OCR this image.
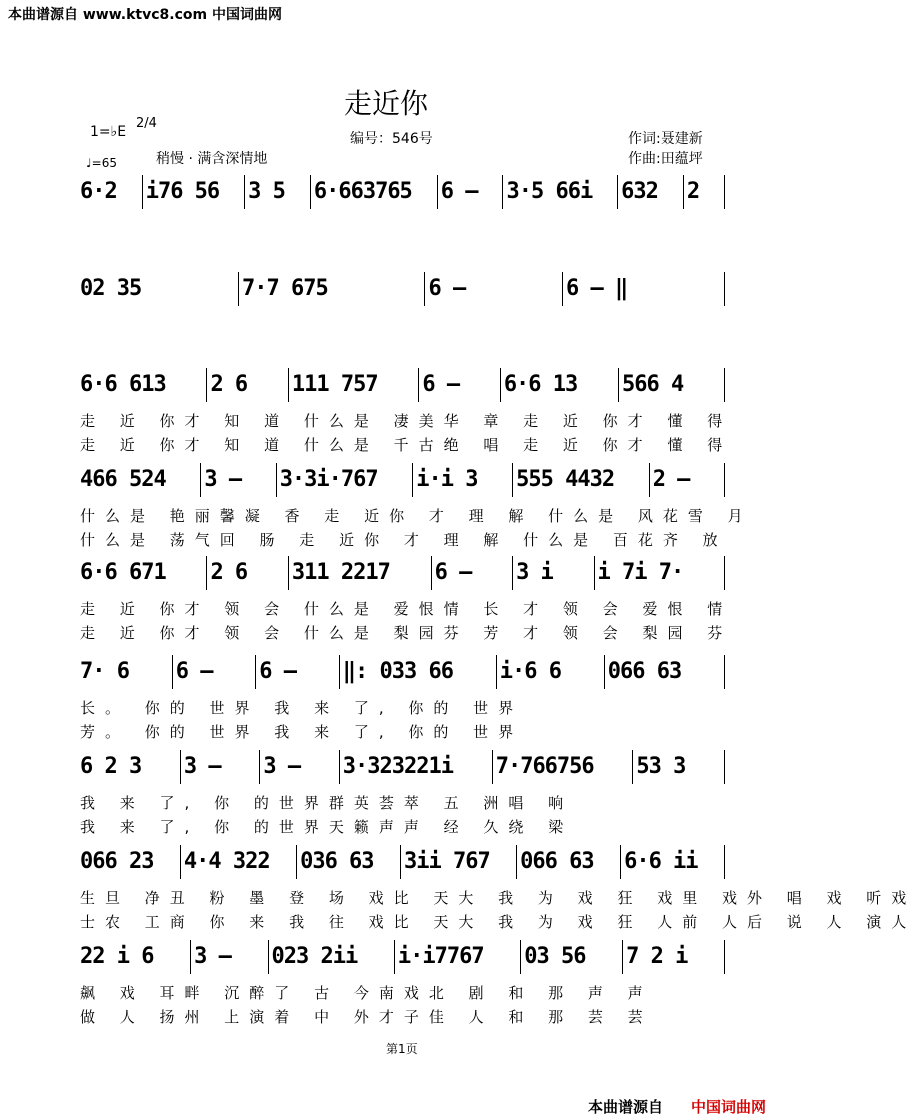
本曲谱源自 www.ktvc8.com 中国词曲网
走近你
1=♭E
2/4
♩=65	稍慢 · 满含深情地
编号：546号	作词:聂建新
作曲:田蕴坪
6·2	i76 56	3 5	6·663765	6 –	3·5 66i	632	2
02 35	7·7 675	6 –	6 – ‖
6·6 613	2 6	111 757	6 –	6·6 13	566 4
走 近 你才 知 道 什么是 凄美华 章 走 近 你才 懂 得
走 近 你才 知 道 什么是 千古绝 唱 走 近 你才 懂 得
466 524	3 –	3·3i·767	i·i 3	555 4432	2 –
什么是 艳丽馨凝 香 走 近你 才 理 解 什么是 风花雪 月
什么是 荡气回 肠 走 近你 才 理 解 什么是 百花齐 放
6·6 671	2 6	311 2217	6 –	3 i	i 7i 7·
走 近 你才 领 会 什么是 爱恨情 长 才 领 会 爱恨 情
走 近 你才 领 会 什么是 梨园芬 芳 才 领 会 梨园 芬
7· 6	6 –	6 –	‖: 033 66	i·6 6	066 63
长。 你的 世界 我 来 了, 你的 世界
芳。 你的 世界 我 来 了, 你的 世界
6 2 3	3 –	3 –	3·323221i	7·766756	53 3
我 来 了, 你 的世界群英荟萃 五 洲唱 响
我 来 了, 你 的世界天籁声声 经 久绕 梁
066 23	4·4 322	036 63	3ii 767	066 63	6·6 ii
生旦 净丑 粉 墨 登 场 戏比 天大 我 为 戏 狂 戏里 戏外 唱 戏 听戏
士农 工商 你 来 我 往 戏比 天大 我 为 戏 狂 人前 人后 说 人 演人
22 i 6	3 –	023 2ii	i·i7767	03 56	7 2 i
飙 戏 耳畔 沉醉了 古 今南戏北 剧 和 那 声 声
做 人 扬州 上演着 中 外才子佳 人 和 那 芸 芸
第1页
本曲谱源自 中国词曲网
